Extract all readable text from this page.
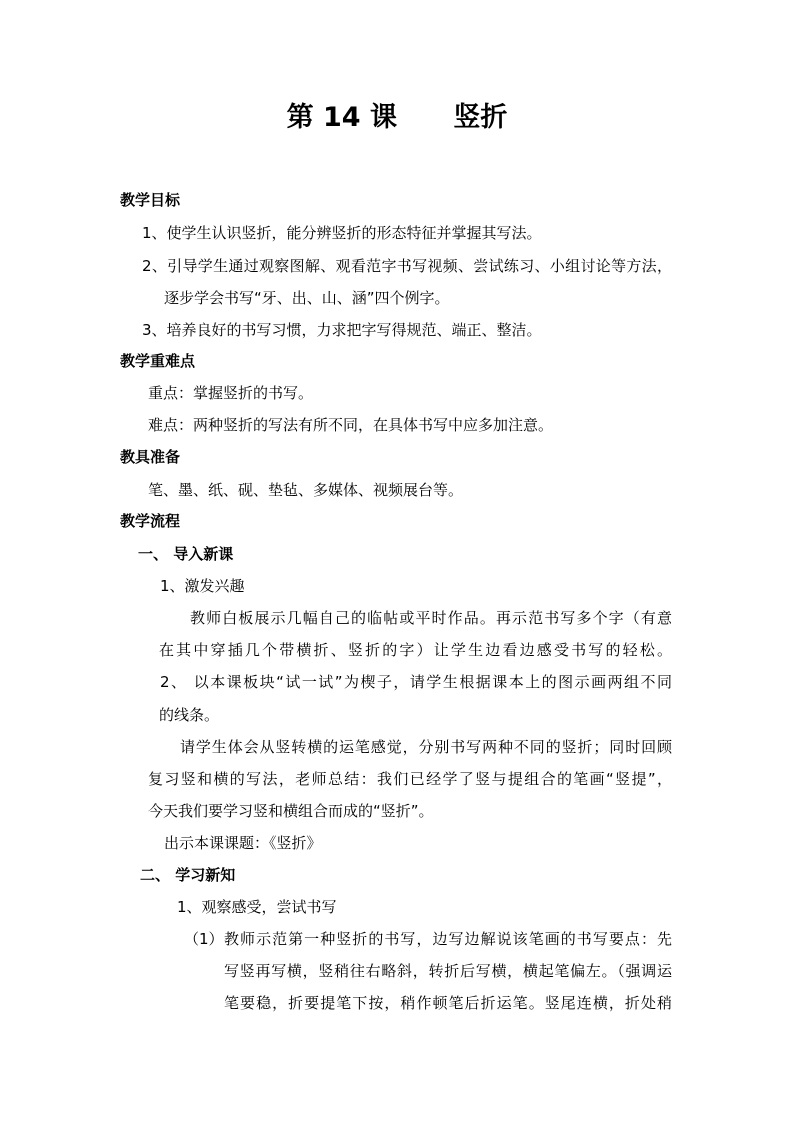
第 14 课      竖折
教学目标
1、使学生认识竖折，能分辨竖折的形态特征并掌握其写法。
2、引导学生通过观察图解、观看范字书写视频、尝试练习、小组讨论等方法，
逐步学会书写“牙、出、山、涵”四个例字。
3、培养良好的书写习惯，力求把字写得规范、端正、整洁。
教学重难点
重点：掌握竖折的书写。
难点：两种竖折的写法有所不同，在具体书写中应多加注意。
教具准备
笔、墨、纸、砚、垫毡、多媒体、视频展台等。
教学流程
一、 导入新课
1、激发兴趣
教师白板展示几幅自己的临帖或平时作品。再示范书写多个字（有意
在其中穿插几个带横折、竖折的字）让学生边看边感受书写的轻松。
2、 以本课板块“试一试”为楔子，请学生根据课本上的图示画两组不同
的线条。
请学生体会从竖转横的运笔感觉，分别书写两种不同的竖折；同时回顾
复习竖和横的写法，老师总结：我们已经学了竖与提组合的笔画“竖提”，
今天我们要学习竖和横组合而成的“竖折”。
出示本课课题：《竖折》
二、 学习新知
1、观察感受，尝试书写
（1） 教师示范第一种竖折的书写，边写边解说该笔画的书写要点：先
写竖再写横，竖稍往右略斜，转折后写横，横起笔偏左。（强调运
笔要稳，折要提笔下按，稍作顿笔后折运笔。竖尾连横，折处稍
